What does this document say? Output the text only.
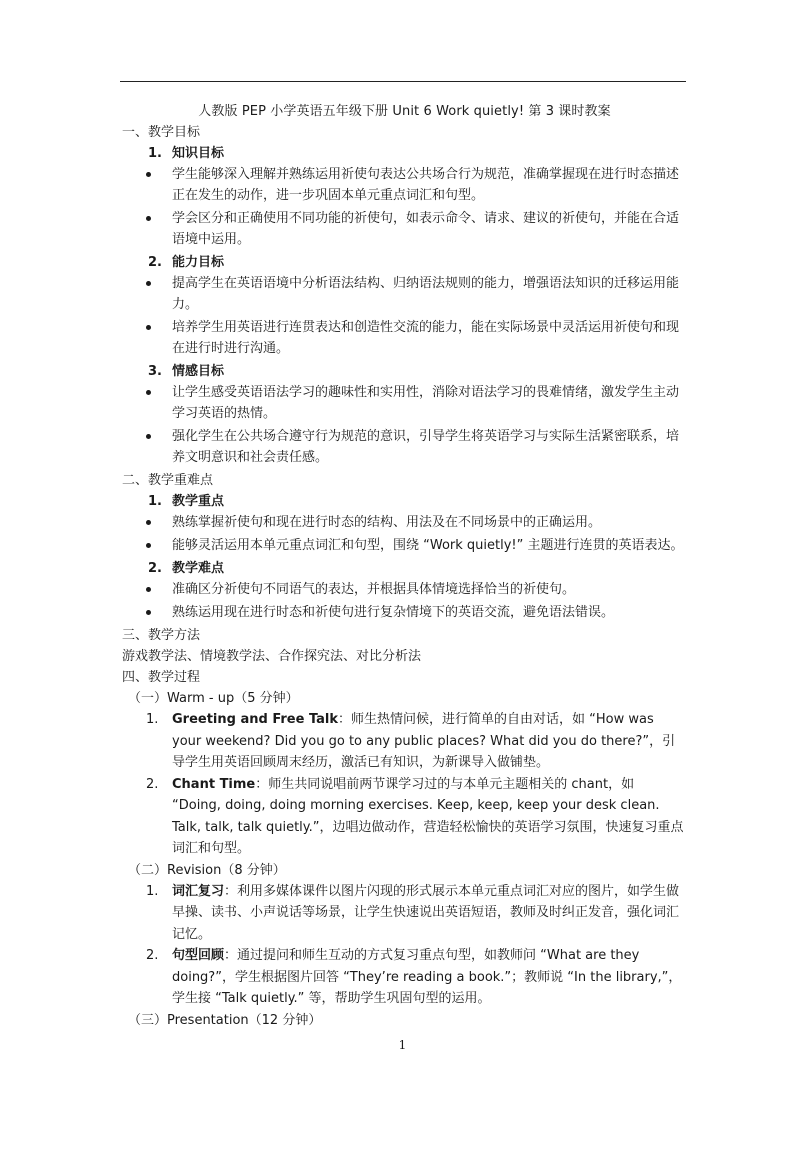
人教版 PEP 小学英语五年级下册 Unit 6 Work quietly! 第 3 课时教案

一、教学目标

1. 知识目标

学生能够深入理解并熟练运用祈使句表达公共场合行为规范，准确掌握现在进行时态描述正在发生的动作，进一步巩固本单元重点词汇和句型。
学会区分和正确使用不同功能的祈使句，如表示命令、请求、建议的祈使句，并能在合适语境中运用。

2. 能力目标

提高学生在英语语境中分析语法结构、归纳语法规则的能力，增强语法知识的迁移运用能力。
培养学生用英语进行连贯表达和创造性交流的能力，能在实际场景中灵活运用祈使句和现在进行时进行沟通。

3. 情感目标

让学生感受英语语法学习的趣味性和实用性，消除对语法学习的畏难情绪，激发学生主动学习英语的热情。
强化学生在公共场合遵守行为规范的意识，引导学生将英语学习与实际生活紧密联系，培养文明意识和社会责任感。

二、教学重难点

1. 教学重点

熟练掌握祈使句和现在进行时态的结构、用法及在不同场景中的正确运用。
能够灵活运用本单元重点词汇和句型，围绕 “Work quietly!” 主题进行连贯的英语表达。

2. 教学难点

准确区分祈使句不同语气的表达，并根据具体情境选择恰当的祈使句。
熟练运用现在进行时态和祈使句进行复杂情境下的英语交流，避免语法错误。

三、教学方法

游戏教学法、情境教学法、合作探究法、对比分析法

四、教学过程

（一）Warm - up（5 分钟）

1. Greeting and Free Talk：师生热情问候，进行简单的自由对话，如 “How was your weekend? Did you go to any public places? What did you do there?”，引导学生用英语回顾周末经历，激活已有知识，为新课导入做铺垫。
2. Chant Time：师生共同说唱前两节课学习过的与本单元主题相关的 chant，如 “Doing, doing, doing morning exercises. Keep, keep, keep your desk clean. Talk, talk, talk quietly.”，边唱边做动作，营造轻松愉快的英语学习氛围，快速复习重点词汇和句型。

（二）Revision（8 分钟）

1. 词汇复习：利用多媒体课件以图片闪现的形式展示本单元重点词汇对应的图片，如学生做早操、读书、小声说话等场景，让学生快速说出英语短语，教师及时纠正发音，强化词汇记忆。
2. 句型回顾：通过提问和师生互动的方式复习重点句型，如教师问 “What are they doing?”，学生根据图片回答 “They’re reading a book.”；教师说 “In the library,”，学生接 “Talk quietly.” 等，帮助学生巩固句型的运用。

（三）Presentation（12 分钟）

1
